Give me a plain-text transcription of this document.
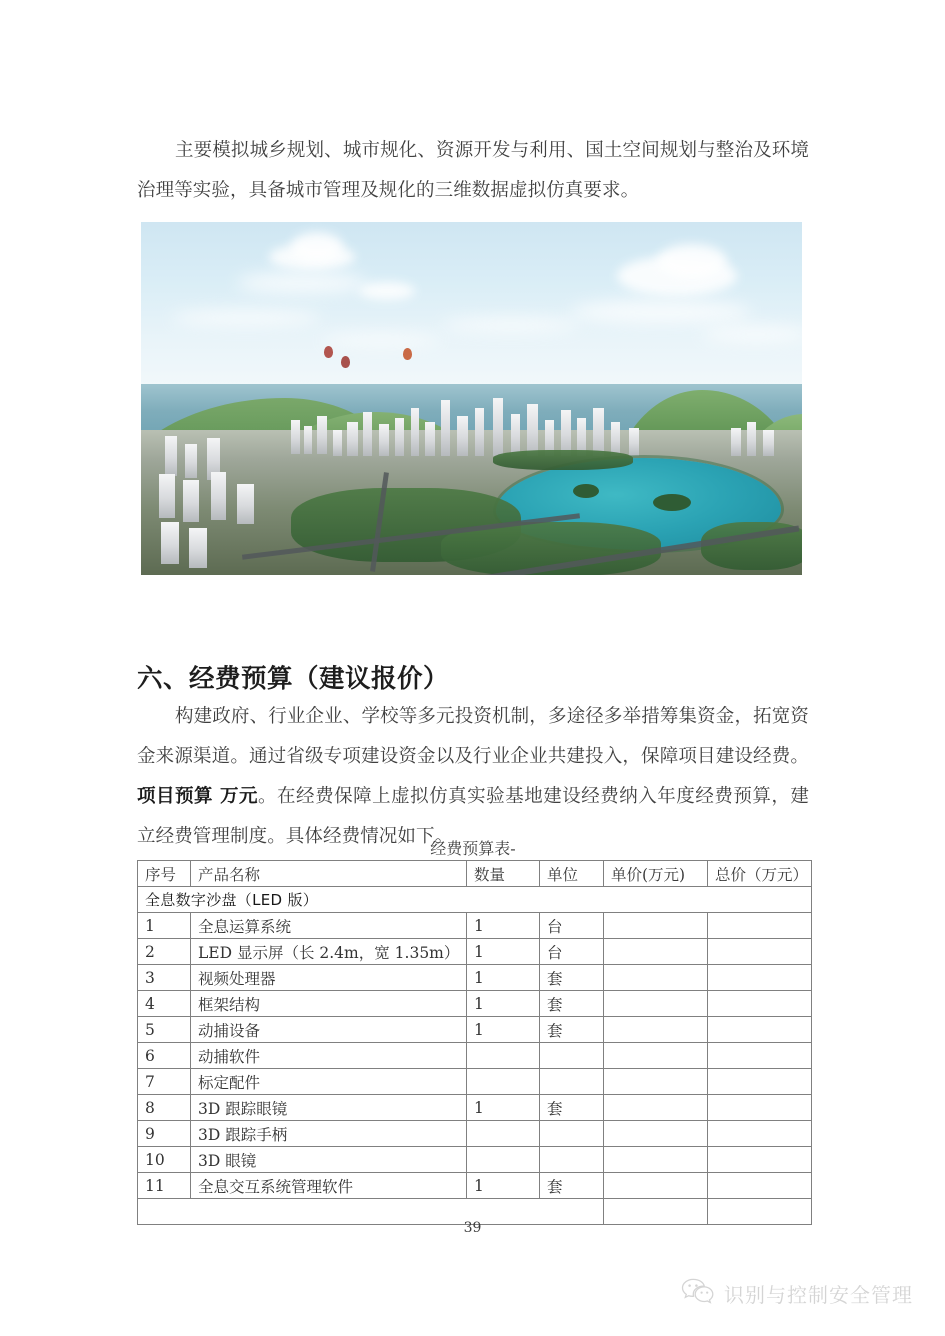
主要模拟城乡规划、城市规化、资源开发与利用、国土空间规划与整治及环境治理等实验，具备城市管理及规化的三维数据虚拟仿真要求。

六、经费预算（建议报价）

构建政府、行业企业、学校等多元投资机制，多途径多举措筹集资金，拓宽资金来源渠道。通过省级专项建设资金以及行业企业共建投入，保障项目建设经费。项目预算 万元。在经费保障上虚拟仿真实验基地建设经费纳入年度经费预算，建立经费管理制度。具体经费情况如下。

经费预算表-
序号	产品名称	数量	单位	单价(万元)	总价（万元）
全息数字沙盘（LED 版）					
1	全息运算系统	1	台		
2	LED 显示屏（长 2.4m，宽 1.35m）	1	台		
3	视频处理器	1	套		
4	框架结构	1	套		
5	动捕设备	1	套		
6	动捕软件				
7	标定配件				
8	3D 跟踪眼镜	1	套		
9	3D 跟踪手柄				
10	3D 眼镜				
11	全息交互系统管理软件	1	套		

39
识别与控制安全管理
